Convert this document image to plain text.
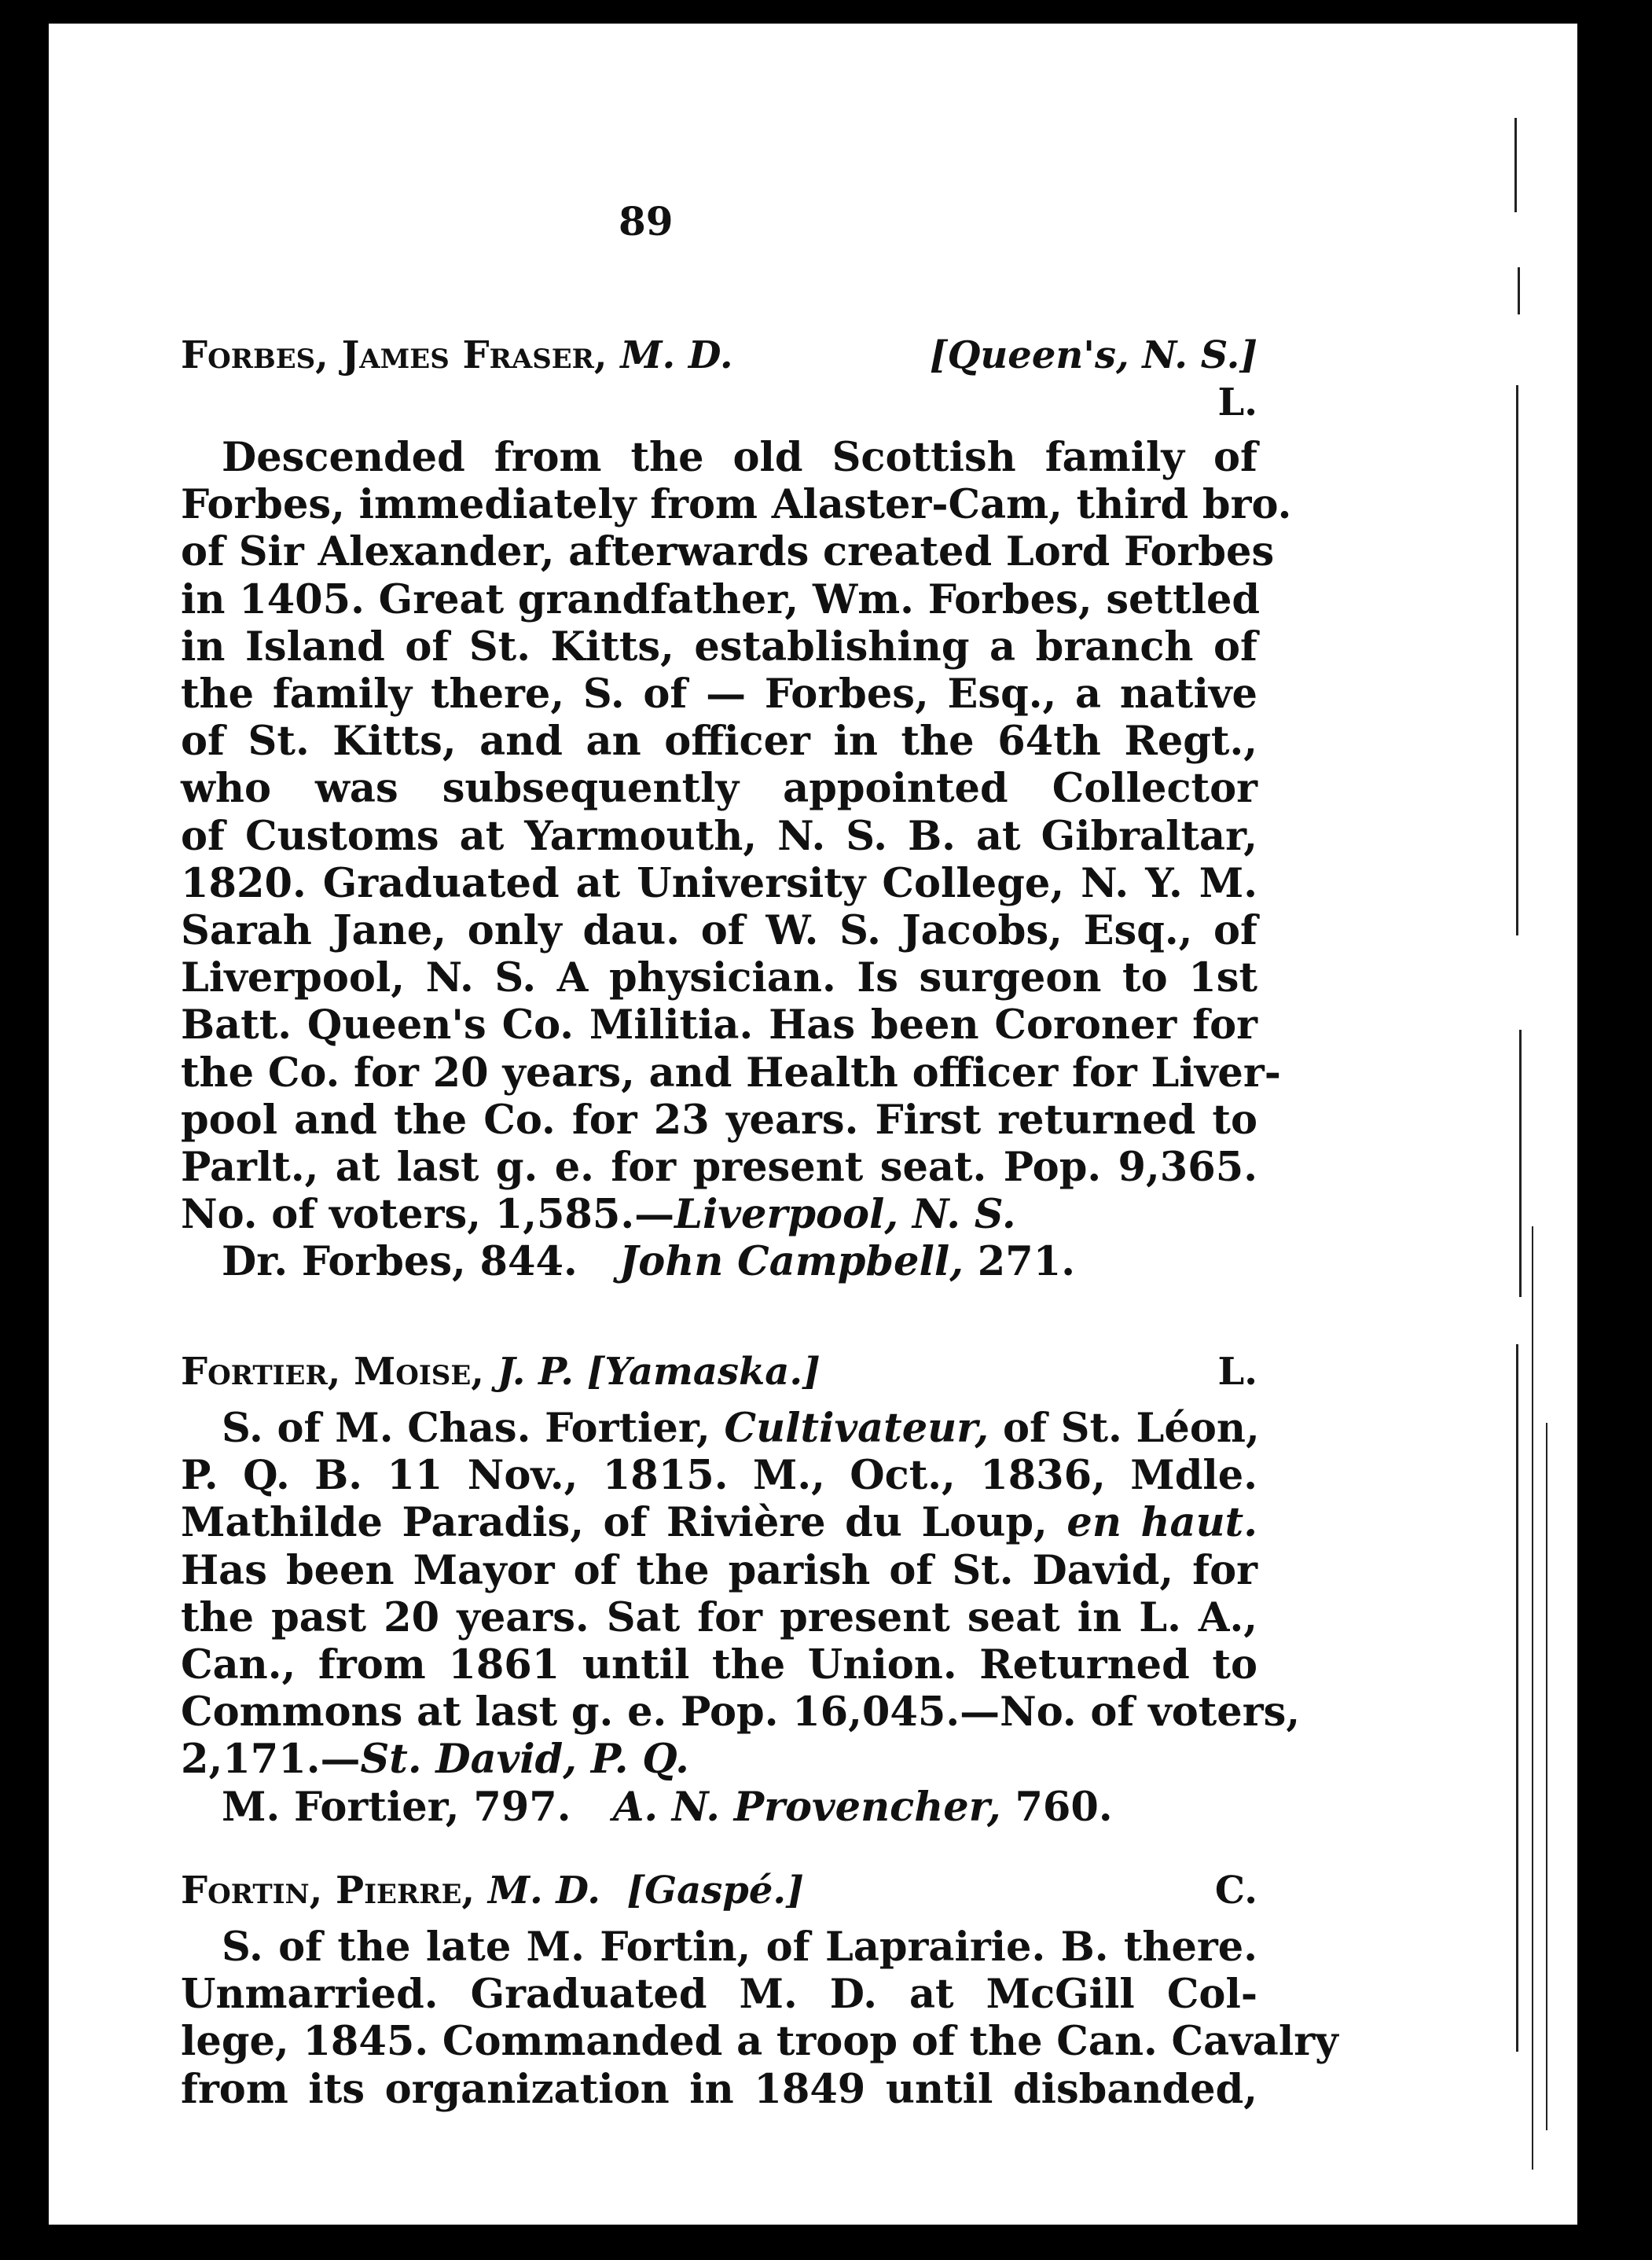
89
Forbes, James Fraser, M. D.	[Queen's, N. S.]
L.
Descended from the old Scottish family of
Forbes, immediately from Alaster-Cam, third bro.
of Sir Alexander, afterwards created Lord Forbes
in 1405. Great grandfather, Wm. Forbes, settled
in Island of St. Kitts, establishing a branch of
the family there, S. of — Forbes, Esq., a native
of St. Kitts, and an officer in the 64th Regt.,
who was subsequently appointed Collector
of Customs at Yarmouth, N. S. B. at Gibraltar,
1820. Graduated at University College, N. Y. M.
Sarah Jane, only dau. of W. S. Jacobs, Esq., of
Liverpool, N. S. A physician. Is surgeon to 1st
Batt. Queen's Co. Militia. Has been Coroner for
the Co. for 20 years, and Health officer for Liver-
pool and the Co. for 23 years. First returned to
Parlt., at last g. e. for present seat. Pop. 9,365.
No. of voters, 1,585.—Liverpool, N. S.
Dr. Forbes, 844. John Campbell, 271.
Fortier, Moise, J. P. [Yamaska.]	L.
S. of M. Chas. Fortier, Cultivateur, of St. Léon,
P. Q. B. 11 Nov., 1815. M., Oct., 1836, Mdle.
Mathilde Paradis, of Rivière du Loup, en haut.
Has been Mayor of the parish of St. David, for
the past 20 years. Sat for present seat in L. A.,
Can., from 1861 until the Union. Returned to
Commons at last g. e. Pop. 16,045.—No. of voters,
2,171.—St. David, P. Q.
M. Fortier, 797. A. N. Provencher, 760.
Fortin, Pierre, M. D. [Gaspé.]	C.
S. of the late M. Fortin, of Laprairie. B. there.
Unmarried. Graduated M. D. at McGill Col-
lege, 1845. Commanded a troop of the Can. Cavalry
from its organization in 1849 until disbanded,
